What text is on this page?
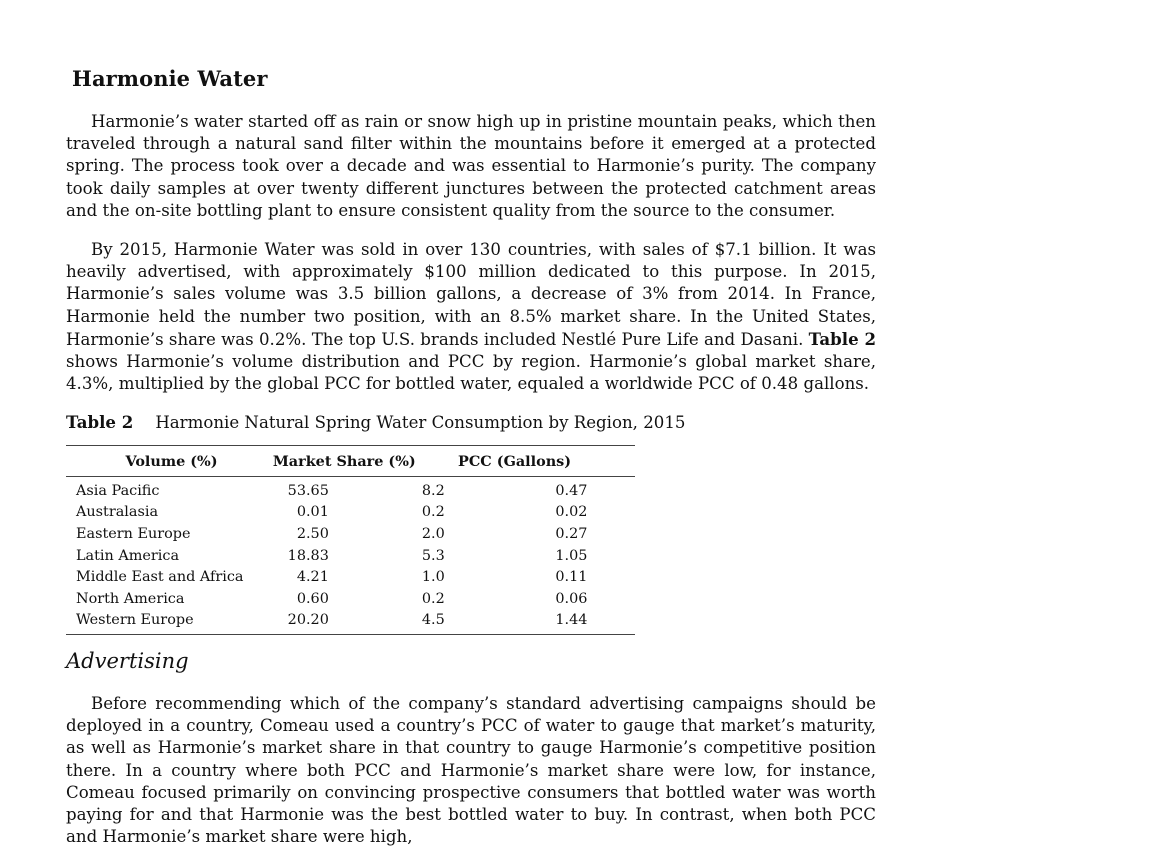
Harmonie Water

Harmonie’s water started off as rain or snow high up in pristine mountain peaks, which then traveled through a natural sand filter within the mountains before it emerged at a protected spring. The process took over a decade and was essential to Harmonie’s purity. The company took daily samples at over twenty different junctures between the protected catchment areas and the on-site bottling plant to ensure consistent quality from the source to the consumer.

By 2015, Harmonie Water was sold in over 130 countries, with sales of $7.1 billion. It was heavily advertised, with approximately $100 million dedicated to this purpose. In 2015, Harmonie’s sales volume was 3.5 billion gallons, a decrease of 3% from 2014. In France, Harmonie held the number two position, with an 8.5% market share. In the United States, Harmonie’s share was 0.2%. The top U.S. brands included Nestlé Pure Life and Dasani. Table 2 shows Harmonie’s volume distribution and PCC by region. Harmonie’s global market share, 4.3%, multiplied by the global PCC for bottled water, equaled a worldwide PCC of 0.48 gallons.

Table 2 Harmonie Natural Spring Water Consumption by Region, 2015
	Volume (%)	Market Share (%)	PCC (Gallons)
Asia Pacific	53.65	8.2	0.47
Australasia	0.01	0.2	0.02
Eastern Europe	2.50	2.0	0.27
Latin America	18.83	5.3	1.05
Middle East and Africa	4.21	1.0	0.11
North America	0.60	0.2	0.06
Western Europe	20.20	4.5	1.44
Advertising

Before recommending which of the company’s standard advertising campaigns should be deployed in a country, Comeau used a country’s PCC of water to gauge that market’s maturity, as well as Harmonie’s market share in that country to gauge Harmonie’s competitive position there. In a country where both PCC and Harmonie’s market share were low, for instance, Comeau focused primarily on convincing prospective consumers that bottled water was worth paying for and that Harmonie was the best bottled water to buy. In contrast, when both PCC and Harmonie’s market share were high,
